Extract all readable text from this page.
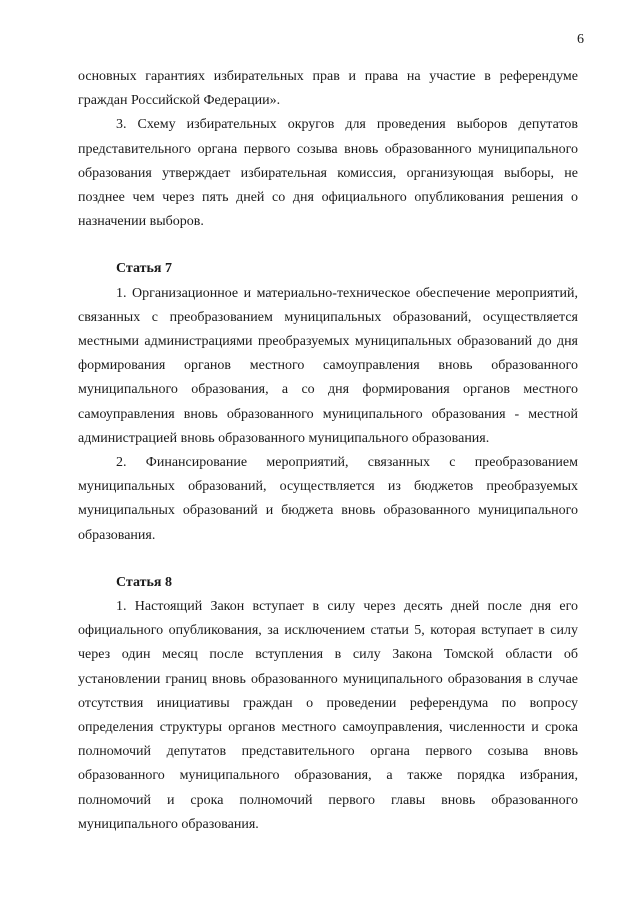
6

основных гарантиях избирательных прав и права на участие в референдуме граждан Российской Федерации».

3. Схему избирательных округов для проведения выборов депутатов представительного органа первого созыва вновь образованного муниципального образования утверждает избирательная комиссия, организующая выборы, не позднее чем через пять дней со дня официального опубликования решения о назначении выборов.

Статья 7

1. Организационное и материально-техническое обеспечение мероприятий, связанных с преобразованием муниципальных образований, осуществляется местными администрациями преобразуемых муниципальных образований до дня формирования органов местного самоуправления вновь образованного муниципального образования, а со дня формирования органов местного самоуправления вновь образованного муниципального образования - местной администрацией вновь образованного муниципального образования.

2. Финансирование мероприятий, связанных с преобразованием муниципальных образований, осуществляется из бюджетов преобразуемых муниципальных образований и бюджета вновь образованного муниципального образования.

Статья 8

1. Настоящий Закон вступает в силу через десять дней после дня его официального опубликования, за исключением статьи 5, которая вступает в силу через один месяц после вступления в силу Закона Томской области об установлении границ вновь образованного муниципального образования в случае отсутствия инициативы граждан о проведении референдума по вопросу определения структуры органов местного самоуправления, численности и срока полномочий депутатов представительного органа первого созыва вновь образованного муниципального образования, а также порядка избрания, полномочий и срока полномочий первого главы вновь образованного муниципального образования.
